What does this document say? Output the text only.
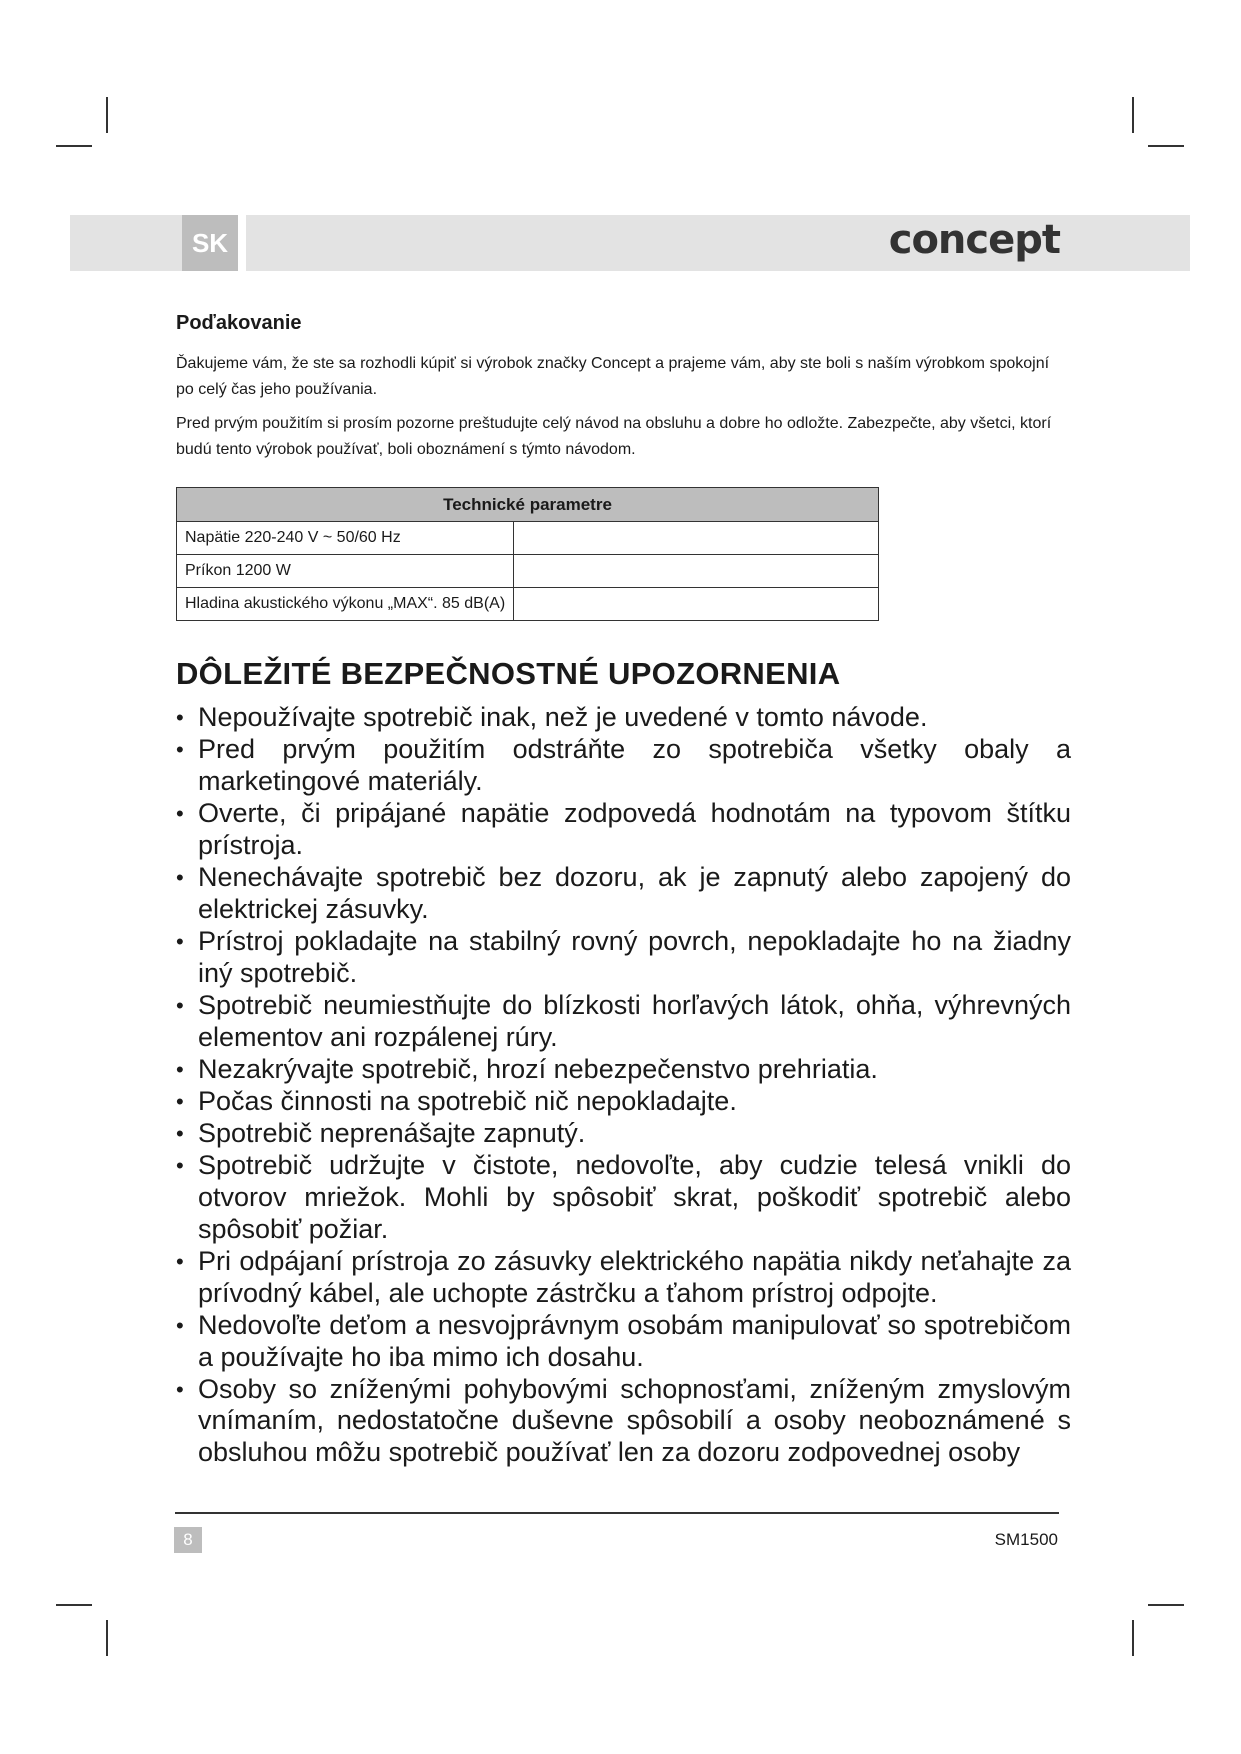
SK	concept
Poďakovanie

Ďakujeme vám, že ste sa rozhodli kúpiť si výrobok značky Concept a prajeme vám, aby ste boli s naším výrobkom spokojní po celý čas jeho používania.

Pred prvým použitím si prosím pozorne preštudujte celý návod na obsluhu a dobre ho odložte. Zabezpečte, aby všetci, ktorí budú tento výrobok používať, boli oboznámení s týmto návodom.

Technické parametre	
Napätie 220-240 V ~ 50/60 Hz	
Príkon 1200 W	
Hladina akustického výkonu „MAX“. 85 dB(A)	
DÔLEŽITÉ BEZPEČNOSTNÉ UPOZORNENIA
• Nepoužívajte spotrebič inak, než je uvedené v tomto návode.
• Pred prvým použitím odstráňte zo spotrebiča všetky obaly a marketingové materiály.
• Overte, či pripájané napätie zodpovedá hodnotám na typovom štítku prístroja.
• Nenechávajte spotrebič bez dozoru, ak je zapnutý alebo zapojený do elektrickej zásuvky.
• Prístroj pokladajte na stabilný rovný povrch, nepokladajte ho na žiadny iný spotrebič.
• Spotrebič neumiestňujte do blízkosti horľavých látok, ohňa, výhrevných elementov ani rozpálenej rúry.
• Nezakrývajte spotrebič, hrozí nebezpečenstvo prehriatia.
• Počas činnosti na spotrebič nič nepokladajte.
• Spotrebič neprenášajte zapnutý.
• Spotrebič udržujte v čistote, nedovoľte, aby cudzie telesá vnikli do otvorov mriežok. Mohli by spôsobiť skrat, poškodiť spotrebič alebo spôsobiť požiar.
• Pri odpájaní prístroja zo zásuvky elektrického napätia nikdy neťahajte za prívodný kábel, ale uchopte zástrčku a ťahom prístroj odpojte.
• Nedovoľte deťom a nesvojprávnym osobám manipulovať so spotrebičom a používajte ho iba mimo ich dosahu.
• Osoby so zníženými pohybovými schopnosťami, zníženým zmyslovým vnímaním, nedostatočne duševne spôsobilí a osoby neoboznámené s obsluhou môžu spotrebič používať len za dozoru zodpovednej osoby
8	SM1500
